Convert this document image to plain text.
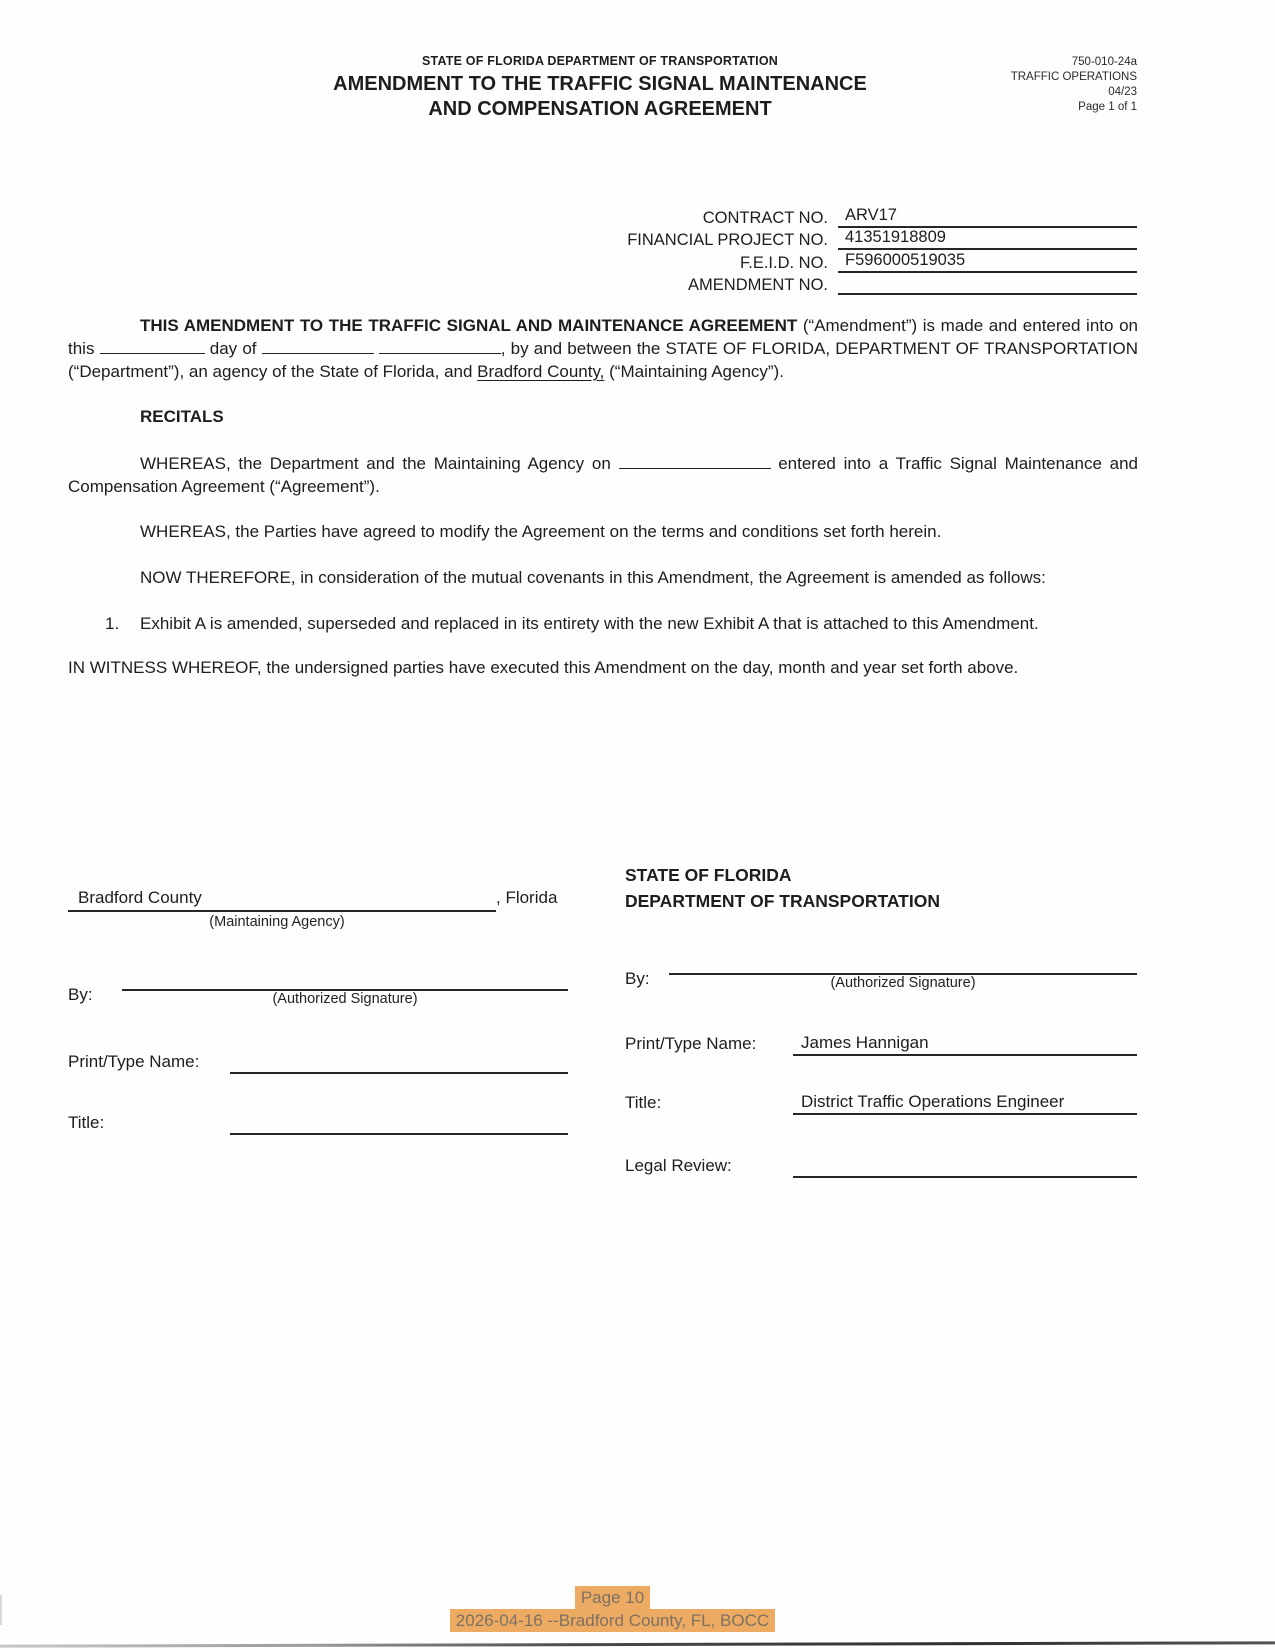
STATE OF FLORIDA DEPARTMENT OF TRANSPORTATION
AMENDMENT TO THE TRAFFIC SIGNAL MAINTENANCE
AND COMPENSATION AGREEMENT
750-010-24a
TRAFFIC OPERATIONS
04/23
Page 1 of 1
CONTRACT NO.	ARV17
FINANCIAL PROJECT NO.	41351918809
F.E.I.D. NO.	F596000519035
AMENDMENT NO.

THIS AMENDMENT TO THE TRAFFIC SIGNAL AND MAINTENANCE AGREEMENT (“Amendment”) is made and entered into on this	day of	, by and between the STATE OF FLORIDA, DEPARTMENT OF TRANSPORTATION (“Department”), an agency of the State of Florida, and Bradford County, (“Maintaining Agency”).

RECITALS

WHEREAS, the Department and the Maintaining Agency on	entered into a Traffic Signal Maintenance and Compensation Agreement (“Agreement”).

WHEREAS, the Parties have agreed to modify the Agreement on the terms and conditions set forth herein.

NOW THEREFORE, in consideration of the mutual covenants in this Amendment, the Agreement is amended as follows:

1.	Exhibit A is amended, superseded and replaced in its entirety with the new Exhibit A that is attached to this Amendment.

IN WITNESS WHEREOF, the undersigned parties have executed this Amendment on the day, month and year set forth above.

Bradford County	, Florida
(Maintaining Agency)
By:	(Authorized Signature)
Print/Type Name:
Title:
STATE OF FLORIDA
DEPARTMENT OF TRANSPORTATION
By:	(Authorized Signature)
Print/Type Name:	James Hannigan
Title:	District Traffic Operations Engineer
Legal Review:
Page 10
2026-04-16 --Bradford County, FL, BOCC
